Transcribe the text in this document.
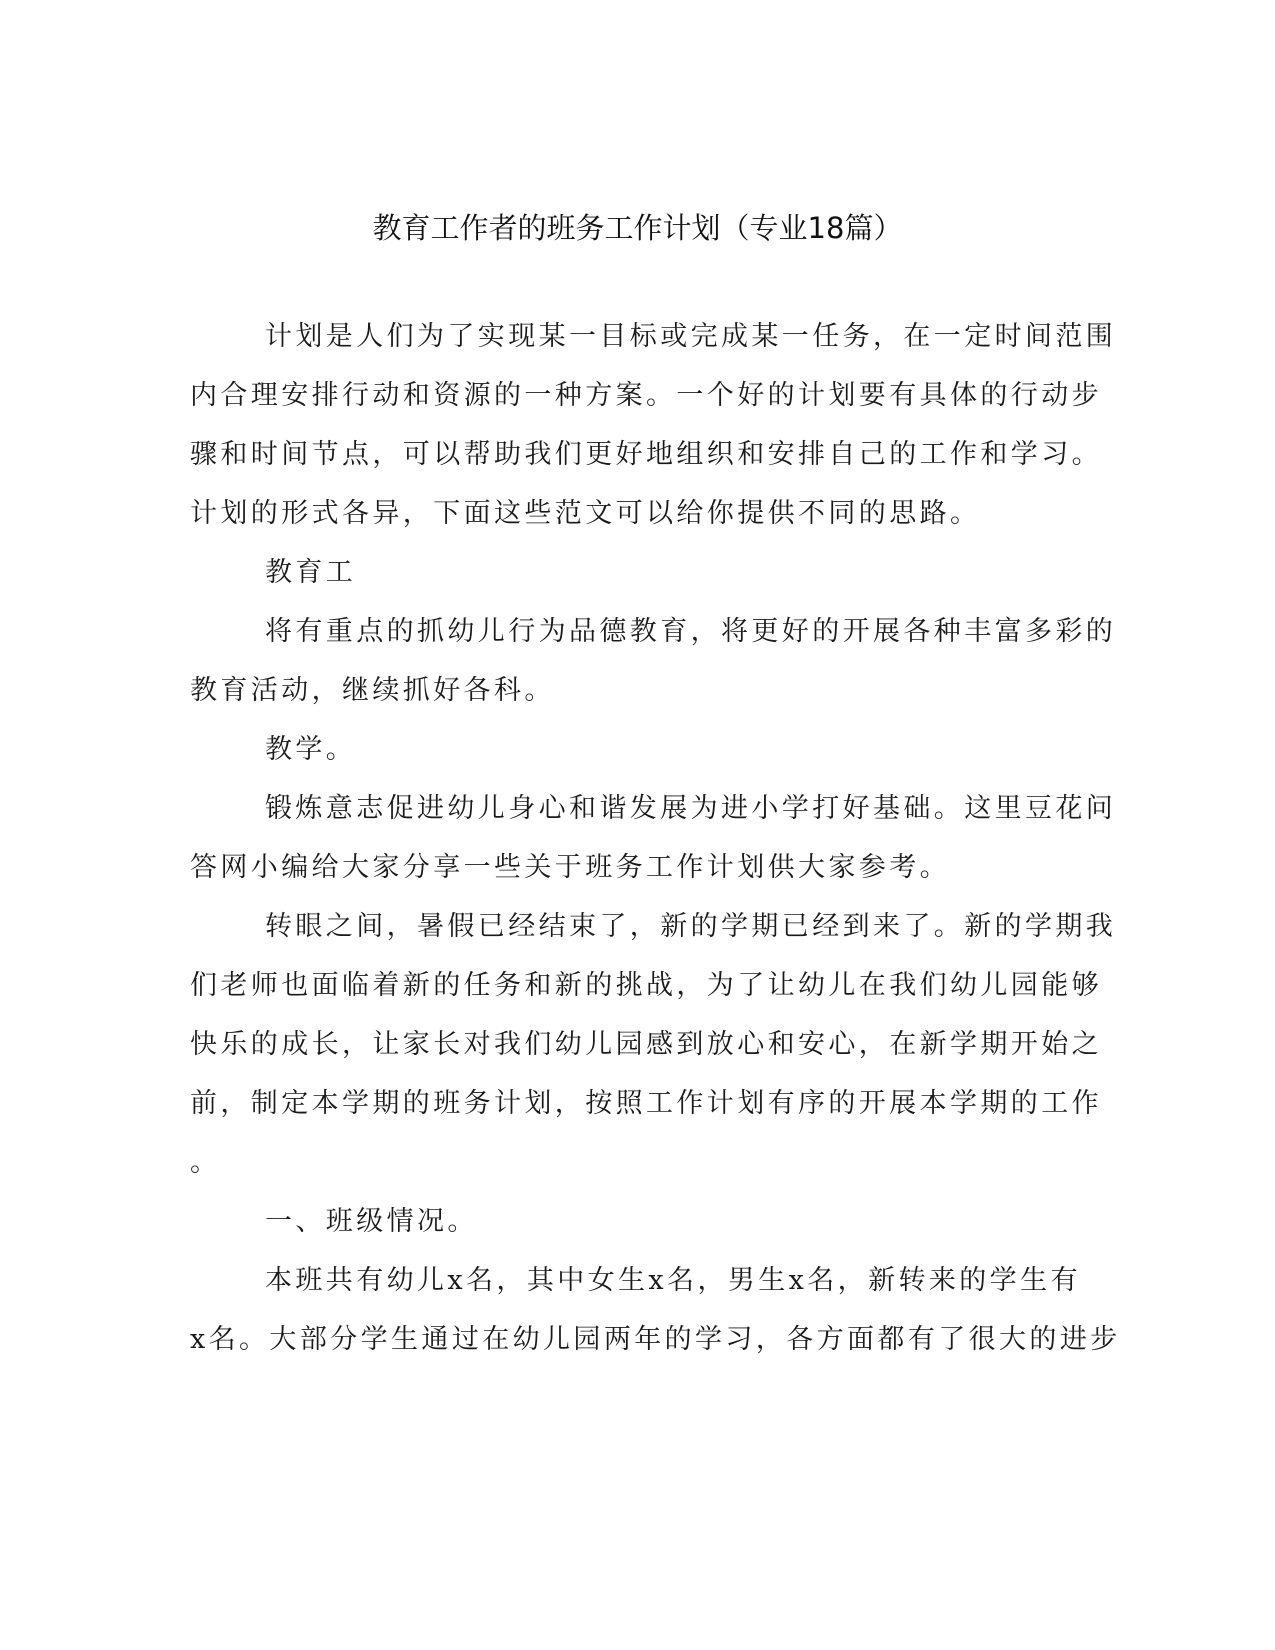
教育工作者的班务工作计划（专业18篇）
计划是人们为了实现某一目标或完成某一任务，在一定时间范围
内合理安排行动和资源的一种方案。一个好的计划要有具体的行动步
骤和时间节点，可以帮助我们更好地组织和安排自己的工作和学习。
计划的形式各异，下面这些范文可以给你提供不同的思路。
教育工
将有重点的抓幼儿行为品德教育，将更好的开展各种丰富多彩的
教育活动，继续抓好各科。
教学。
锻炼意志促进幼儿身心和谐发展为进小学打好基础。这里豆花问
答网小编给大家分享一些关于班务工作计划供大家参考。
转眼之间，暑假已经结束了，新的学期已经到来了。新的学期我
们老师也面临着新的任务和新的挑战，为了让幼儿在我们幼儿园能够
快乐的成长，让家长对我们幼儿园感到放心和安心，在新学期开始之
前，制定本学期的班务计划，按照工作计划有序的开展本学期的工作
。
一、班级情况。
本班共有幼儿x名，其中女生x名，男生x名，新转来的学生有
x名。大部分学生通过在幼儿园两年的学习，各方面都有了很大的进步
